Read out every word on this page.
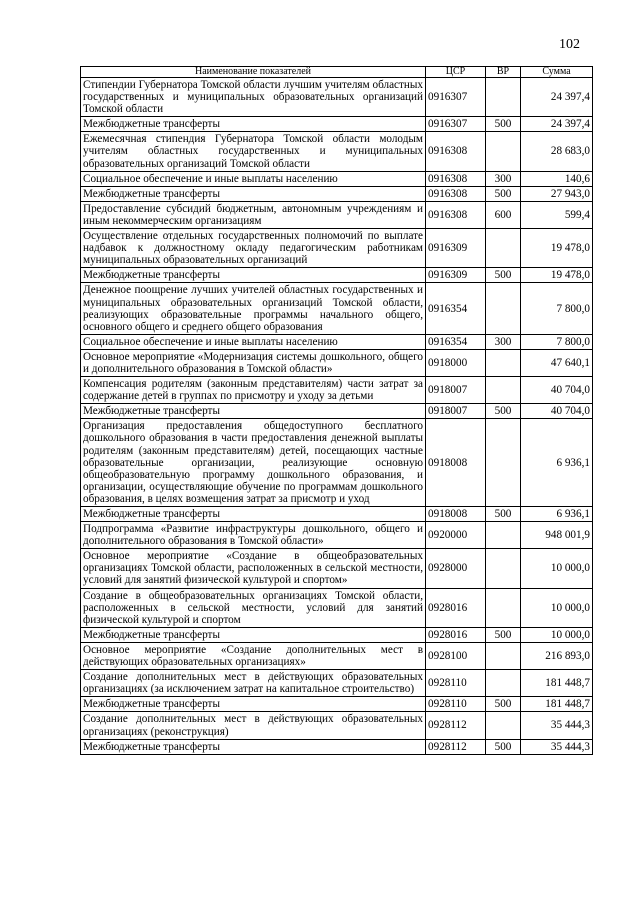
102
Наименование показателей	ЦСР	ВР	Сумма
Стипендии Губернатора Томской области лучшим учителям областных государственных и муниципальных образовательных организаций Томской области	0916307		24 397,4
Межбюджетные трансферты	0916307	500	24 397,4
Ежемесячная стипендия Губернатора Томской области молодым учителям областных государственных и муниципальных образовательных организаций Томской области	0916308		28 683,0
Социальное обеспечение и иные выплаты населению	0916308	300	140,6
Межбюджетные трансферты	0916308	500	27 943,0
Предоставление субсидий бюджетным, автономным учреждениям и иным некоммерческим организациям	0916308	600	599,4
Осуществление отдельных государственных полномочий по выплате надбавок к должностному окладу педагогическим работникам муниципальных образовательных организаций	0916309		19 478,0
Межбюджетные трансферты	0916309	500	19 478,0
Денежное поощрение лучших учителей областных государственных и муниципальных образовательных организаций Томской области, реализующих образовательные программы начального общего, основного общего и среднего общего образования	0916354		7 800,0
Социальное обеспечение и иные выплаты населению	0916354	300	7 800,0
Основное мероприятие «Модернизация системы дошкольного, общего и дополнительного образования в Томской области»	0918000		47 640,1
Компенсация родителям (законным представителям) части затрат за содержание детей в группах по присмотру и уходу за детьми	0918007		40 704,0
Межбюджетные трансферты	0918007	500	40 704,0
Организация предоставления общедоступного бесплатного дошкольного образования в части предоставления денежной выплаты родителям (законным представителям) детей, посещающих частные образовательные организации, реализующие основную общеобразовательную программу дошкольного образования, и организации, осуществляющие обучение по программам дошкольного образования, в целях возмещения затрат за присмотр и уход	0918008		6 936,1
Межбюджетные трансферты	0918008	500	6 936,1
Подпрограмма «Развитие инфраструктуры дошкольного, общего и дополнительного образования в Томской области»	0920000		948 001,9
Основное мероприятие «Создание в общеобразовательных организациях Томской области, расположенных в сельской местности, условий для занятий физической культурой и спортом»	0928000		10 000,0
Создание в общеобразовательных организациях Томской области, расположенных в сельской местности, условий для занятий физической культурой и спортом	0928016		10 000,0
Межбюджетные трансферты	0928016	500	10 000,0
Основное мероприятие «Создание дополнительных мест в действующих образовательных организациях»	0928100		216 893,0
Создание дополнительных мест в действующих образовательных организациях (за исключением затрат на капитальное строительство)	0928110		181 448,7
Межбюджетные трансферты	0928110	500	181 448,7
Создание дополнительных мест в действующих образовательных организациях (реконструкция)	0928112		35 444,3
Межбюджетные трансферты	0928112	500	35 444,3
